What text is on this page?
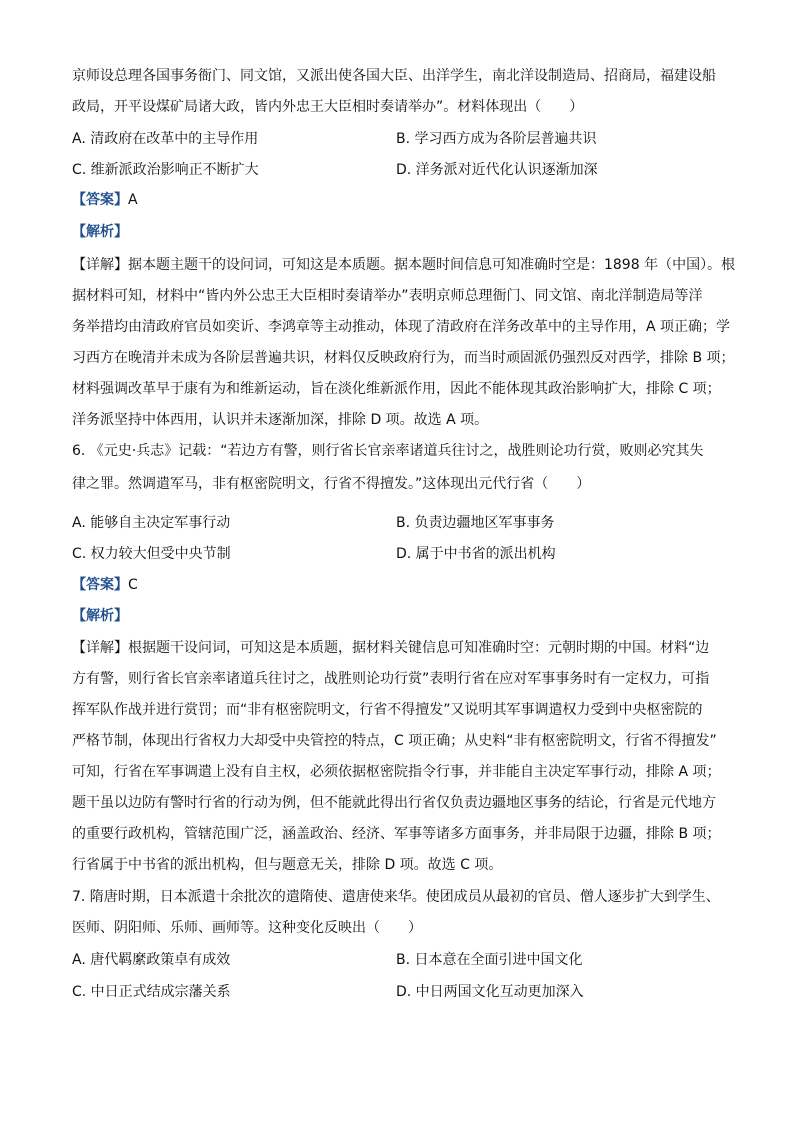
京师设总理各国事务衙门、同文馆，又派出使各国大臣、出洋学生，南北洋设制造局、招商局，福建设船

政局，开平设煤矿局诸大政，皆内外忠王大臣相时奏请举办”。材料体现出（　　）

A. 清政府在改革中的主导作用	B. 学习西方成为各阶层普遍共识

C. 维新派政治影响正不断扩大	D. 洋务派对近代化认识逐渐加深

【答案】A

【解析】

【详解】据本题主题干的设问词，可知这是本质题。据本题时间信息可知准确时空是：1898 年（中国）。根

据材料可知，材料中“皆内外公忠王大臣相时奏请举办”表明京师总理衙门、同文馆、南北洋制造局等洋

务举措均由清政府官员如奕䜣、李鸿章等主动推动，体现了清政府在洋务改革中的主导作用，A 项正确；学

习西方在晚清并未成为各阶层普遍共识，材料仅反映政府行为，而当时顽固派仍强烈反对西学，排除 B 项；

材料强调改革早于康有为和维新运动，旨在淡化维新派作用，因此不能体现其政治影响扩大，排除 C 项；

洋务派坚持中体西用，认识并未逐渐加深，排除 D 项。故选 A 项。

6. 《元史·兵志》记载：“若边方有警，则行省长官亲率诸道兵往讨之，战胜则论功行赏，败则必究其失

律之罪。然调遣军马，非有枢密院明文，行省不得擅发。”这体现出元代行省（　　）

A. 能够自主决定军事行动	B. 负责边疆地区军事事务

C. 权力较大但受中央节制	D. 属于中书省的派出机构

【答案】C

【解析】

【详解】根据题干设问词，可知这是本质题，据材料关键信息可知准确时空：元朝时期的中国。材料“边

方有警，则行省长官亲率诸道兵往讨之，战胜则论功行赏”表明行省在应对军事事务时有一定权力，可指

挥军队作战并进行赏罚；而“非有枢密院明文，行省不得擅发”又说明其军事调遣权力受到中央枢密院的

严格节制，体现出行省权力大却受中央管控的特点，C 项正确；从史料“非有枢密院明文，行省不得擅发”

可知，行省在军事调遣上没有自主权，必须依据枢密院指令行事，并非能自主决定军事行动，排除 A 项；

题干虽以边防有警时行省的行动为例，但不能就此得出行省仅负责边疆地区事务的结论，行省是元代地方

的重要行政机构，管辖范围广泛，涵盖政治、经济、军事等诸多方面事务，并非局限于边疆，排除 B 项；

行省属于中书省的派出机构，但与题意无关，排除 D 项。故选 C 项。

7. 隋唐时期，日本派遣十余批次的遣隋使、遣唐使来华。使团成员从最初的官员、僧人逐步扩大到学生、

医师、阴阳师、乐师、画师等。这种变化反映出（　　）

A. 唐代羁縻政策卓有成效	B. 日本意在全面引进中国文化

C. 中日正式结成宗藩关系	D. 中日两国文化互动更加深入
